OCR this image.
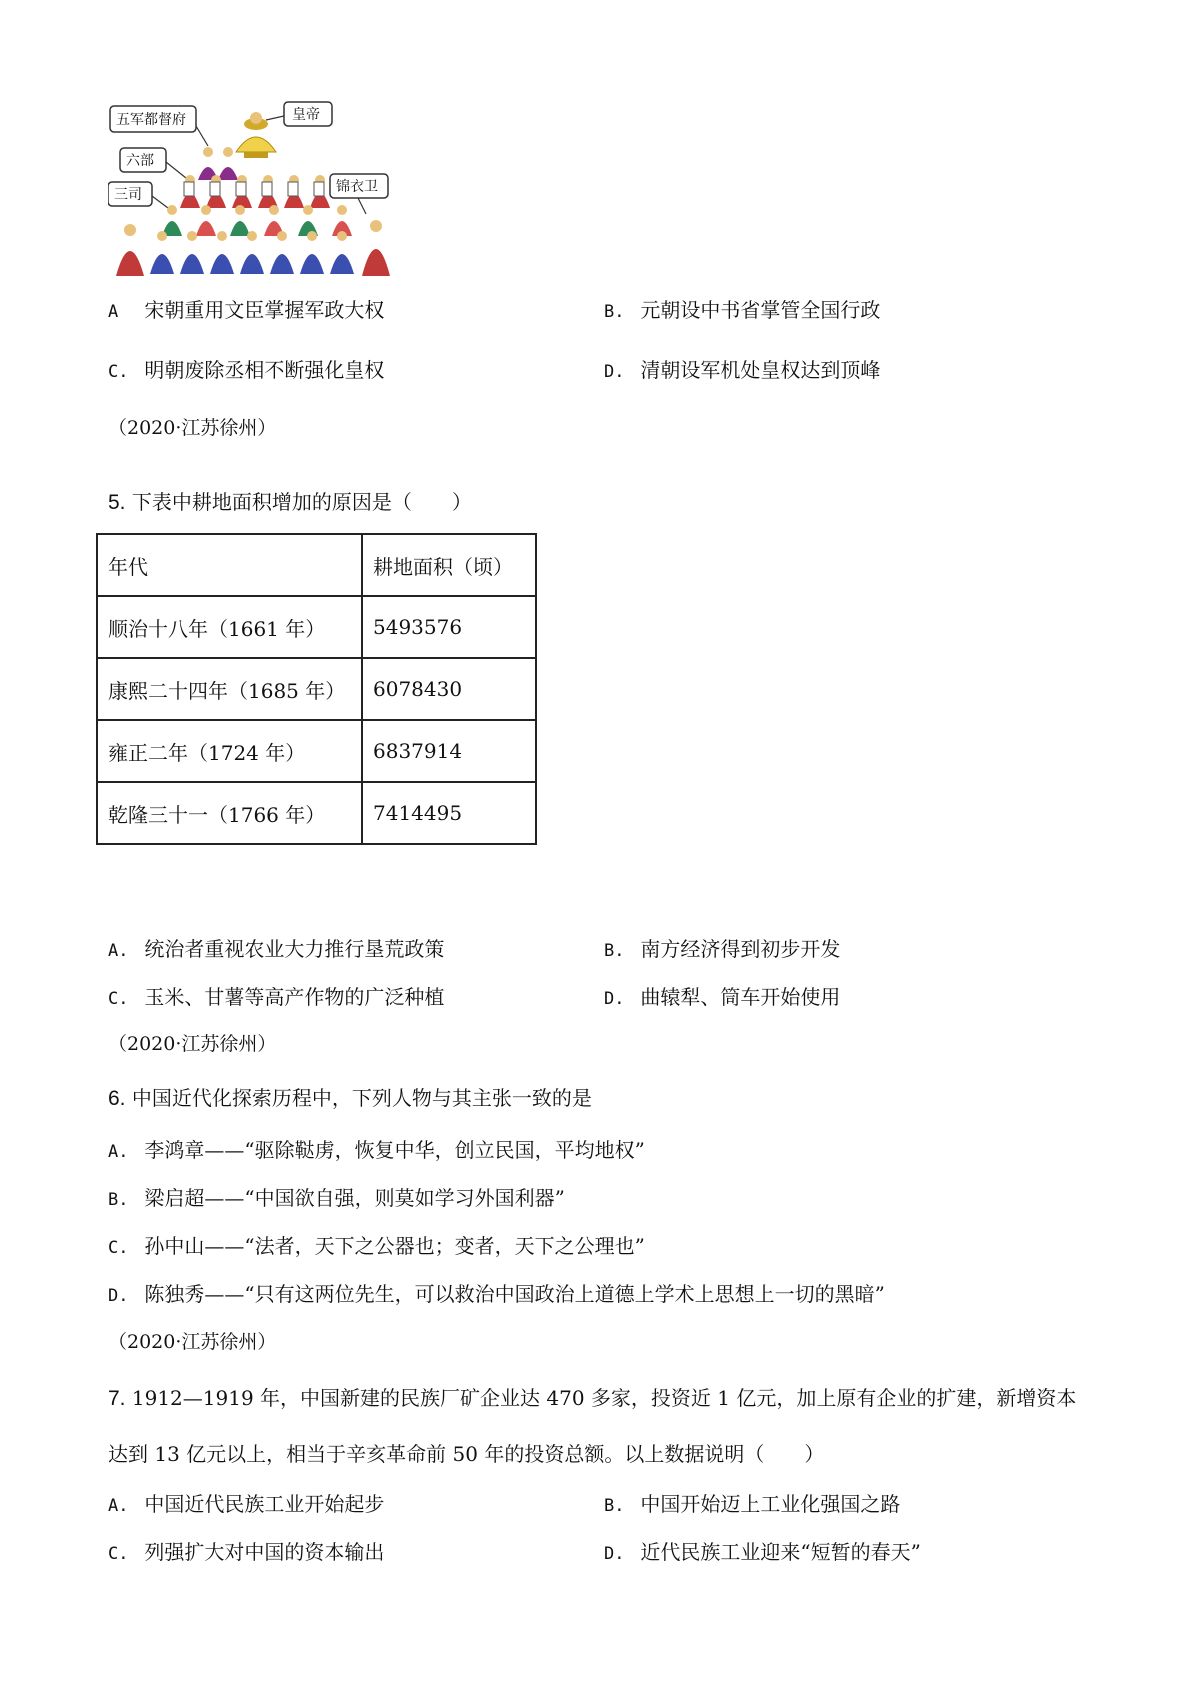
五军都督府	皇帝
六部
三司	锦衣卫
A 宋朝重用文臣掌握军政大权	B. 元朝设中书省掌管全国行政
C. 明朝废除丞相不断强化皇权	D. 清朝设军机处皇权达到顶峰
（2020·江苏徐州）
5. 下表中耕地面积增加的原因是（　　）
年代	耕地面积（顷）
顺治十八年（1661 年）	5493576
康熙二十四年（1685 年）	6078430
雍正二年（1724 年）	6837914
乾隆三十一（1766 年）	7414495
A. 统治者重视农业大力推行垦荒政策	B. 南方经济得到初步开发
C. 玉米、甘薯等高产作物的广泛种植	D. 曲辕犁、筒车开始使用
（2020·江苏徐州）
6. 中国近代化探索历程中，下列人物与其主张一致的是
A. 李鸿章——“驱除鞑虏，恢复中华，创立民国，平均地权”
B. 梁启超——“中国欲自强，则莫如学习外国利器”
C. 孙中山——“法者，天下之公器也；变者，天下之公理也”
D. 陈独秀——“只有这两位先生，可以救治中国政治上道德上学术上思想上一切的黑暗”
（2020·江苏徐州）
7. 1912—1919 年，中国新建的民族厂矿企业达 470 多家，投资近 1 亿元，加上原有企业的扩建，新增资本
达到 13 亿元以上，相当于辛亥革命前 50 年的投资总额。以上数据说明（　　）
A. 中国近代民族工业开始起步	B. 中国开始迈上工业化强国之路
C. 列强扩大对中国的资本输出	D. 近代民族工业迎来“短暂的春天”
